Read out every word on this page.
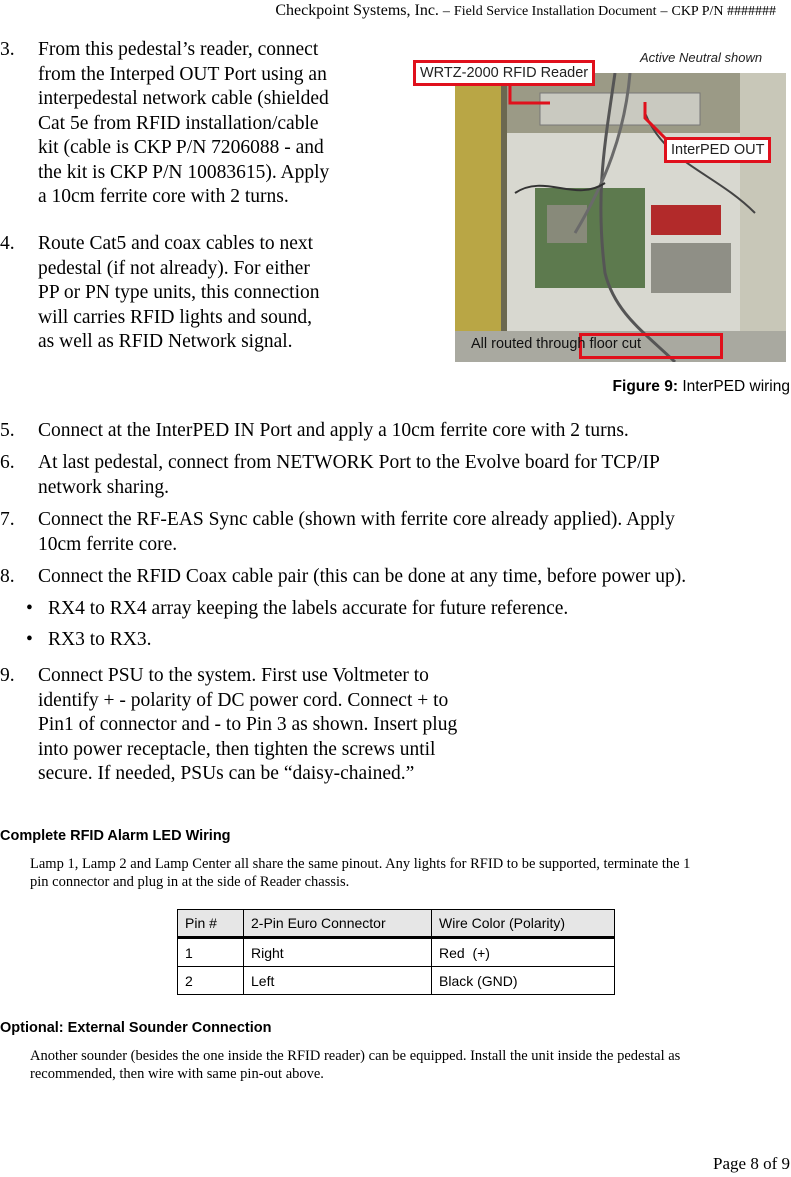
Checkpoint Systems, Inc. – Field Service Installation Document – CKP P/N #######
3. From this pedestal’s reader, connect
from the Interped OUT Port using an
interpedestal network cable (shielded
Cat 5e from RFID installation/cable
kit (cable is CKP P/N 7206088 - and
the kit is CKP P/N 10083615). Apply
a 10cm ferrite core with 2 turns.
4. Route Cat5 and coax cables to next
pedestal (if not already). For either
PP or PN type units, this connection
will carries RFID lights and sound,
as well as RFID Network signal.
Active Neutral shown
WRTZ-2000 RFID Reader
InterPED OUT
All routed through floor cut
Figure 9: InterPED wiring
5. Connect at the InterPED IN Port and apply a 10cm ferrite core with 2 turns.
6. At last pedestal, connect from NETWORK Port to the Evolve board for TCP/IP
network sharing.
7. Connect the RF-EAS Sync cable (shown with ferrite core already applied). Apply
10cm ferrite core.
8. Connect the RFID Coax cable pair (this can be done at any time, before power up).
• RX4 to RX4 array keeping the labels accurate for future reference.
• RX3 to RX3.
9. Connect PSU to the system. First use Voltmeter to
identify + - polarity of DC power cord. Connect + to
Pin1 of connector and - to Pin 3 as shown. Insert plug
into power receptacle, then tighten the screws until
secure. If needed, PSUs can be “daisy-chained.”
Complete RFID Alarm LED Wiring
Lamp 1, Lamp 2 and Lamp Center all share the same pinout. Any lights for RFID to be supported, terminate the 1
pin connector and plug in at the side of Reader chassis.
Pin #	2-Pin Euro Connector	Wire Color (Polarity)
1	Right	Red  (+)
2	Left	Black (GND)
Optional: External Sounder Connection
Another sounder (besides the one inside the RFID reader) can be equipped. Install the unit inside the pedestal as
recommended, then wire with same pin-out above.
Page 8 of 9
